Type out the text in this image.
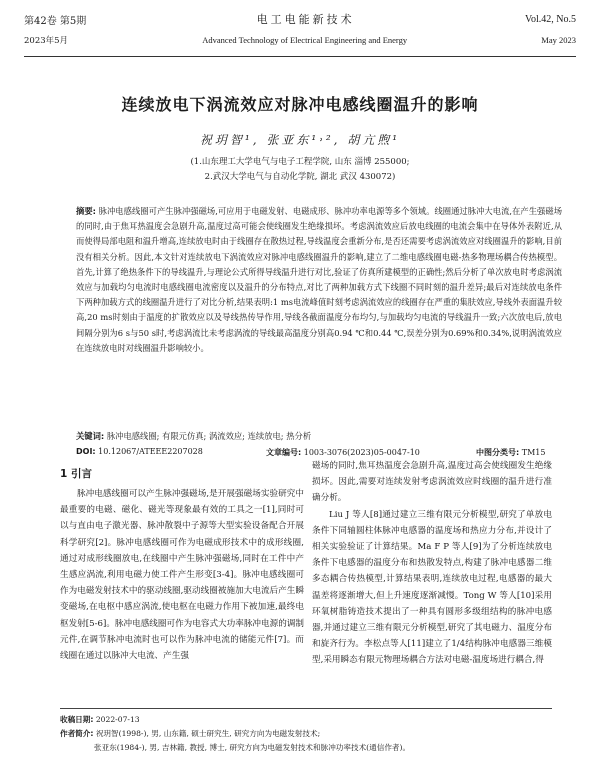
第42卷 第5期	电工电能新技术	Vol.42, No.5
2023年5月	Advanced Technology of Electrical Engineering and Energy	May 2023
连续放电下涡流效应对脉冲电感线圈温升的影响
祝玥智¹, 张亚东¹˒², 胡亢煦¹
(1.山东理工大学电气与电子工程学院, 山东 淄博 255000;
2.武汉大学电气与自动化学院, 湖北 武汉 430072)
摘要: 脉冲电感线圈可产生脉冲强磁场,可应用于电磁发射、电磁成形、脉冲功率电源等多个领域。线圈通过脉冲大电流,在产生强磁场的同时,由于焦耳热温度会急剧升高,温度过高可能会使线圈发生绝缘损坏。考虑涡流效应后放电线圈的电流会集中在导体外表附近,从而使得局部电阻和温升增高,连续放电时由于线圈存在散热过程,导线温度会重新分布,是否还需要考虑涡流效应对线圈温升的影响,目前没有相关分析。因此,本文针对连续放电下涡流效应对脉冲电感线圈温升的影响,建立了二维电感线圈电磁-热多物理场耦合传热模型。首先,计算了绝热条件下的导线温升,与理论公式所得导线温升进行对比,验证了仿真所建模型的正确性;然后分析了单次放电时考虑涡流效应与加载均匀电流时电感线圈电流密度以及温升的分布特点,对比了两种加载方式下线圈不同时刻的温升差异;最后对连续放电条件下两种加载方式的线圈温升进行了对比分析,结果表明:1 ms电流峰值时刻考虑涡流效应的线圈存在严重的集肤效应,导线外表面温升较高,20 ms时刻由于温度的扩散效应以及导线热传导作用,导线各截面温度分布均匀,与加载均匀电流的导线温升一致;六次放电后,放电间隔分别为6 s与50 s时,考虑涡流比未考虑涡流的导线最高温度分别高0.94 ℃和0.44 ℃,误差分别为0.69%和0.34%,说明涡流效应在连续放电时对线圈温升影响较小。
关键词: 脉冲电感线圈; 有限元仿真; 涡流效应; 连续放电; 热分析
DOI: 10.12067/ATEEE2207028	文章编号: 1003-3076(2023)05-0047-10	中图分类号: TM15
1 引言
脉冲电感线圈可以产生脉冲强磁场,是开展强磁场实验研究中最重要的电磁、磁化、磁光等现象最有效的工具之一[1],同时可以与直由电子激光器、脉冲散裂中子源等大型实验设备配合开展科学研究[2]。脉冲电感线圈可作为电磁成形技术中的成形线圈,通过对成形线圈放电,在线圈中产生脉冲强磁场,同时在工件中产生感应涡流,利用电磁力使工件产生形变[3-4]。脉冲电感线圈可作为电磁发射技术中的驱动线圈,驱动线圈被施加大电流后产生瞬变磁场,在电枢中感应涡流,使电枢在电磁力作用下被加速,最终电枢发射[5-6]。脉冲电感线圈可作为电容式大功率脉冲电源的调制元件,在调节脉冲电流时也可以作为脉冲电流的储能元件[7]。而线圈在通过以脉冲大电流、产生强

磁场的同时,焦耳热温度会急剧升高,温度过高会使线圈发生绝缘损坏。因此,需要对连续发射考虑涡流效应时线圈的温升进行准确分析。

Liu J 等人[8]通过建立三维有限元分析模型,研究了单放电条件下同轴圆柱体脉冲电感器的温度场和热应力分布,并设计了相关实验验证了计算结果。Ma F P 等人[9]为了分析连续放电条件下电感器的温度分布和热散发特点,构建了脉冲电感器二维多态耦合传热模型,计算结果表明,连续放电过程,电感器的最大温差将逐渐增大,但上升速度逐渐减慢。Tong W 等人[10]采用环氧树脂铸造技术提出了一种具有圆形多级组结构的脉冲电感器,并通过建立三维有限元分析模型,研究了其电磁力、温度分布和旋齐行为。李松点等人[11]建立了1/4结构脉冲电感器三维模型,采用瞬态有限元物理场耦合方法对电磁-温度场进行耦合,得

收稿日期: 2022-07-13
作者简介: 祝玥智(1998-), 男, 山东籍, 硕士研究生, 研究方向为电磁发射技术;
张亚东(1984-), 男, 吉林籍, 教授, 博士, 研究方向为电磁发射技术和脉冲功率技术(通信作者)。
